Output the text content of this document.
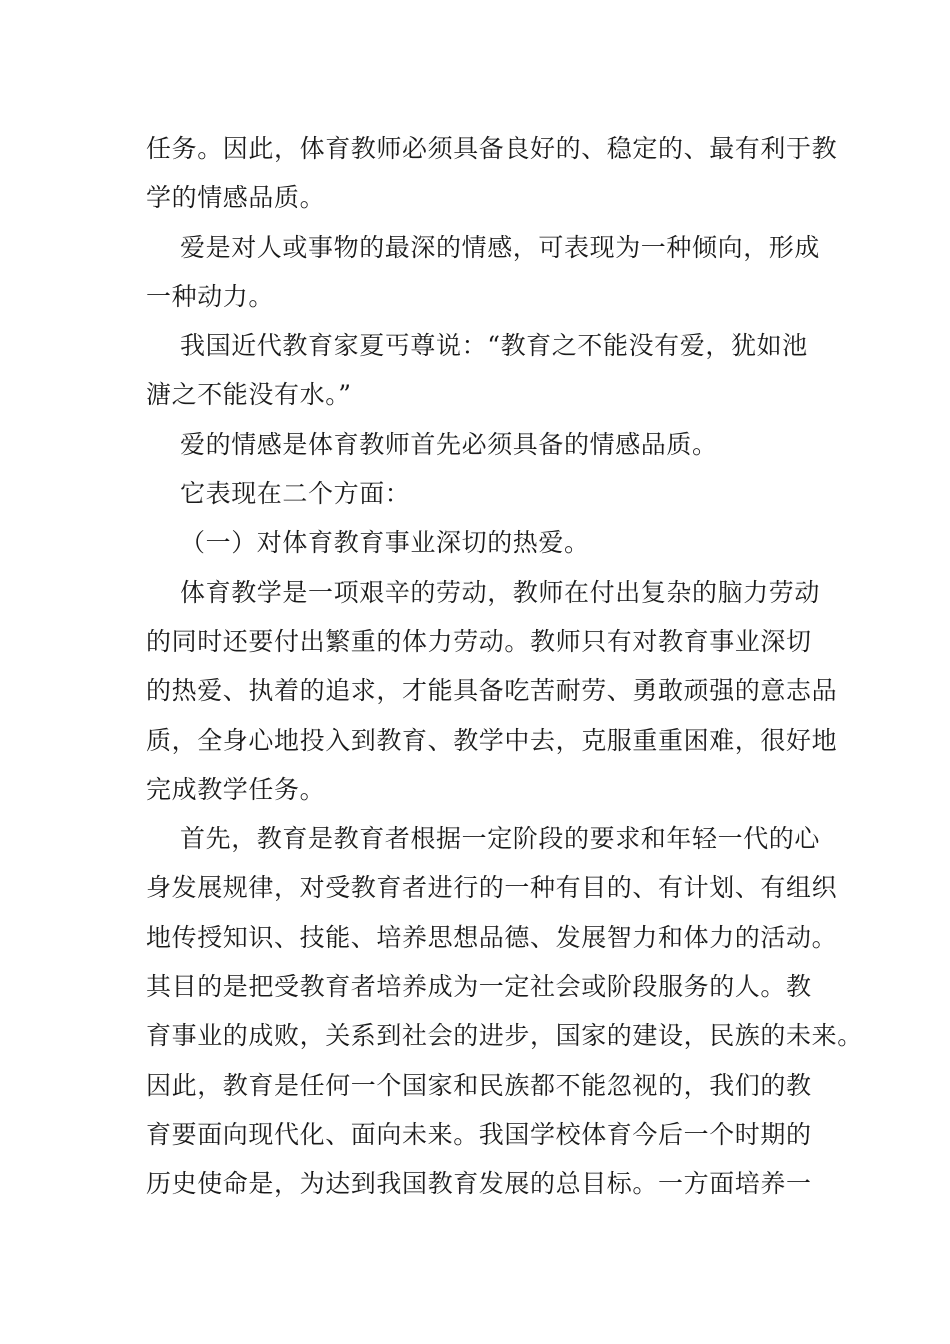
任务。因此，体育教师必须具备良好的、稳定的、最有利于教
学的情感品质。
爱是对人或事物的最深的情感，可表现为一种倾向，形成
一种动力。
我国近代教育家夏丐尊说：“教育之不能没有爱，犹如池
溏之不能没有水。”
爱的情感是体育教师首先必须具备的情感品质。
它表现在二个方面：
（一）对体育教育事业深切的热爱。
体育教学是一项艰辛的劳动，教师在付出复杂的脑力劳动
的同时还要付出繁重的体力劳动。教师只有对教育事业深切
的热爱、执着的追求，才能具备吃苦耐劳、勇敢顽强的意志品
质，全身心地投入到教育、教学中去，克服重重困难，很好地
完成教学任务。
首先，教育是教育者根据一定阶段的要求和年轻一代的心
身发展规律，对受教育者进行的一种有目的、有计划、有组织
地传授知识、技能、培养思想品德、发展智力和体力的活动。
其目的是把受教育者培养成为一定社会或阶段服务的人。教
育事业的成败，关系到社会的进步，国家的建设，民族的未来。
因此，教育是任何一个国家和民族都不能忽视的，我们的教
育要面向现代化、面向未来。我国学校体育今后一个时期的
历史使命是，为达到我国教育发展的总目标。一方面培养一
